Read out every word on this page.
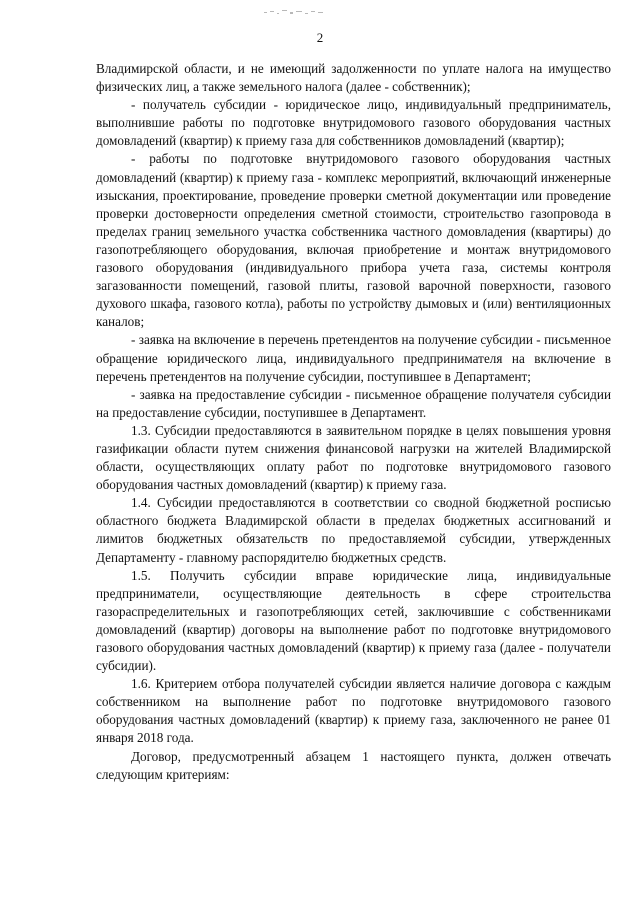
2

Владимирской области, и не имеющий задолженности по уплате налога на имущество физических лиц, а также земельного налога (далее - собственник);

- получатель субсидии - юридическое лицо, индивидуальный предприниматель, выполнившие работы по подготовке внутридомового газового оборудования частных домовладений (квартир) к приему газа для собственников домовладений (квартир);

- работы по подготовке внутридомового газового оборудования частных домовладений (квартир) к приему газа - комплекс мероприятий, включающий инженерные изыскания, проектирование, проведение проверки сметной документации или проведение проверки достоверности определения сметной стоимости, строительство газопровода в пределах границ земельного участка собственника частного домовладения (квартиры) до газопотребляющего оборудования, включая приобретение и монтаж внутридомового газового оборудования (индивидуального прибора учета газа, системы контроля загазованности помещений, газовой плиты, газовой варочной поверхности, газового духового шкафа, газового котла), работы по устройству дымовых и (или) вентиляционных каналов;

- заявка на включение в перечень претендентов на получение субсидии - письменное обращение юридического лица, индивидуального предпринимателя на включение в перечень претендентов на получение субсидии, поступившее в Департамент;

- заявка на предоставление субсидии - письменное обращение получателя субсидии на предоставление субсидии, поступившее в Департамент.

1.3. Субсидии предоставляются в заявительном порядке в целях повышения уровня газификации области путем снижения финансовой нагрузки на жителей Владимирской области, осуществляющих оплату работ по подготовке внутридомового газового оборудования частных домовладений (квартир) к приему газа.

1.4. Субсидии предоставляются в соответствии со сводной бюджетной росписью областного бюджета Владимирской области в пределах бюджетных ассигнований и лимитов бюджетных обязательств по предоставляемой субсидии, утвержденных Департаменту - главному распорядителю бюджетных средств.

1.5. Получить субсидии вправе юридические лица, индивидуальные предприниматели, осуществляющие деятельность в сфере строительства газораспределительных и газопотребляющих сетей, заключившие с собственниками домовладений (квартир) договоры на выполнение работ по подготовке внутридомового газового оборудования частных домовладений (квартир) к приему газа (далее - получатели субсидии).

1.6. Критерием отбора получателей субсидии является наличие договора с каждым собственником на выполнение работ по подготовке внутридомового газового оборудования частных домовладений (квартир) к приему газа, заключенного не ранее 01 января 2018 года.

Договор, предусмотренный абзацем 1 настоящего пункта, должен отвечать следующим критериям:
